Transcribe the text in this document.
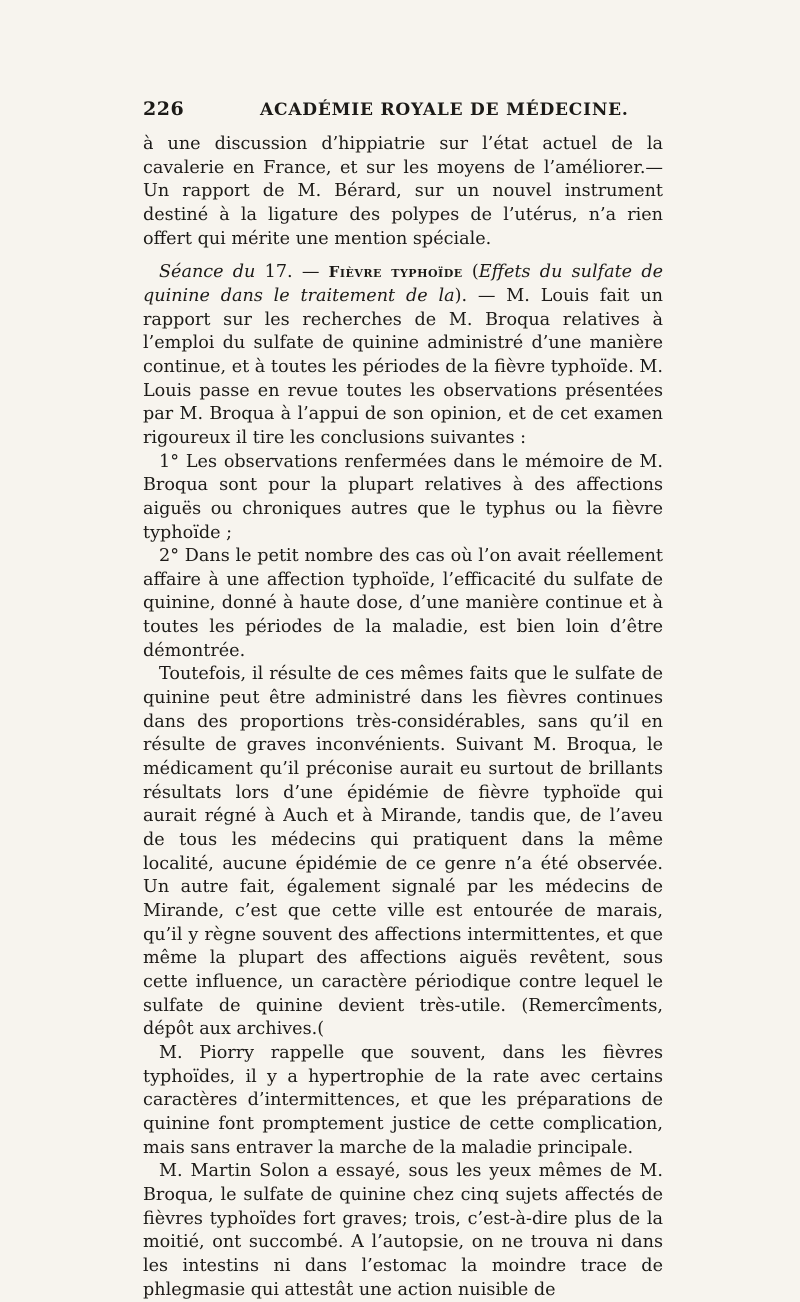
226	ACADÉMIE ROYALE DE MÉDECINE.

à une discussion d’hippiatrie sur l’état actuel de la cavalerie en France, et sur les moyens de l’améliorer.— Un rapport de M. Bérard, sur un nouvel instrument destiné à la ligature des polypes de l’utérus, n’a rien offert qui mérite une mention spéciale.

Séance du 17. — Fièvre typhoïde (Effets du sulfate de quinine dans le traitement de la). — M. Louis fait un rapport sur les recherches de M. Broqua relatives à l’emploi du sulfate de quinine administré d’une manière continue, et à toutes les périodes de la fièvre typhoïde. M. Louis passe en revue toutes les observations présentées par M. Broqua à l’appui de son opinion, et de cet examen rigoureux il tire les conclusions suivantes :

1° Les observations renfermées dans le mémoire de M. Broqua sont pour la plupart relatives à des affections aiguës ou chroniques autres que le typhus ou la fièvre typhoïde ;

2° Dans le petit nombre des cas où l’on avait réellement affaire à une affection typhoïde, l’efficacité du sulfate de quinine, donné à haute dose, d’une manière continue et à toutes les périodes de la maladie, est bien loin d’être démontrée.

Toutefois, il résulte de ces mêmes faits que le sulfate de quinine peut être administré dans les fièvres continues dans des proportions très-considérables, sans qu’il en résulte de graves inconvénients. Suivant M. Broqua, le médicament qu’il préconise aurait eu surtout de brillants résultats lors d’une épidémie de fièvre typhoïde qui aurait régné à Auch et à Mirande, tandis que, de l’aveu de tous les médecins qui pratiquent dans la même localité, aucune épidémie de ce genre n’a été observée. Un autre fait, également signalé par les médecins de Mirande, c’est que cette ville est entourée de marais, qu’il y règne souvent des affections intermittentes, et que même la plupart des affections aiguës revêtent, sous cette influence, un caractère périodique contre lequel le sulfate de quinine devient très-utile. (Remercîments, dépôt aux archives.(

M. Piorry rappelle que souvent, dans les fièvres typhoïdes, il y a hypertrophie de la rate avec certains caractères d’intermittences, et que les préparations de quinine font promptement justice de cette complication, mais sans entraver la marche de la maladie principale.

M. Martin Solon a essayé, sous les yeux mêmes de M. Broqua, le sulfate de quinine chez cinq sujets affectés de fièvres typhoïdes fort graves; trois, c’est-à-dire plus de la moitié, ont succombé. A l’autopsie, on ne trouva ni dans les intestins ni dans l’estomac la moindre trace de phlegmasie qui attestât une action nuisible de
